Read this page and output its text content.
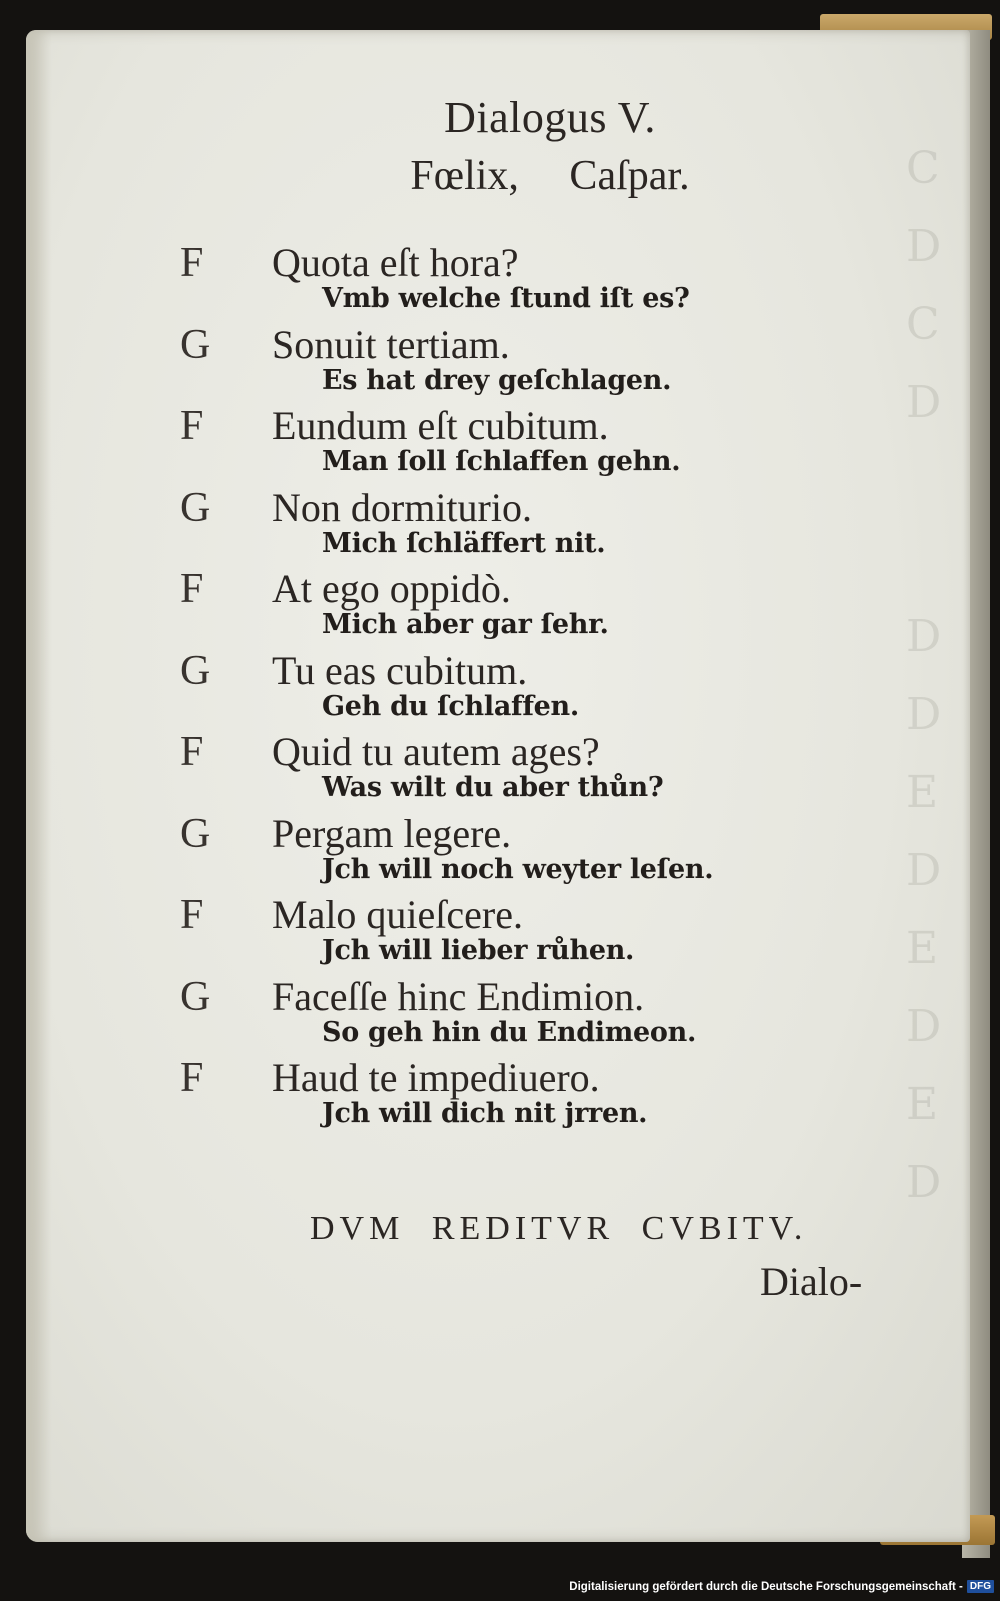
C
D
C
D

D
D
E
D
E
D
E
D
Dialogus V.
Fœlix, Caſpar.
F	Quota eſt hora?
Vmb welche ſtund iſt es?
G	Sonuit tertiam.
Es hat drey geſchlagen.
F	Eundum eſt cubitum.
Man ſoll ſchlaffen gehn.
G	Non dormiturio.
Mich ſchläffert nit.
F	At ego oppidò.
Mich aber gar ſehr.
G	Tu eas cubitum.
Geh du ſchlaffen.
F	Quid tu autem ages?
Was wilt du aber thůn?
G	Pergam legere.
Jch will noch weyter leſen.
F	Malo quieſcere.
Jch will lieber růhen.
G	Faceſſe hinc Endimion.
So geh hin du Endimeon.
F	Haud te impediuero.
Jch will dich nit jrren.
DVM REDITVR CVBITV.
Dialo-
Digitalisierung gefördert durch die Deutsche Forschungsgemeinschaft - DFG
